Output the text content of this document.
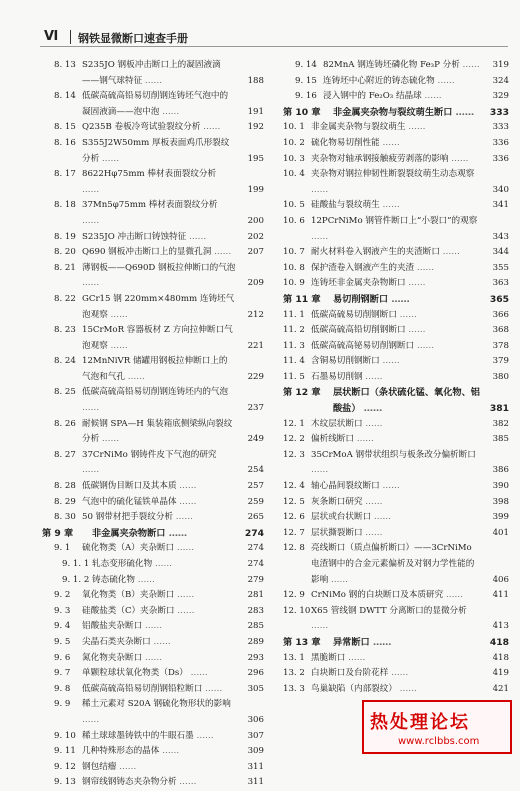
Ⅵ 钢铁显微断口速查手册
8. 13 S235JO 钢板冲击断口上的凝固液滴——钢气球特征 ……	188
8. 14 低碳高硫高铅易切削钢连铸坯气泡中的凝固液滴——泡中泡 ……	191
8. 15 Q235B 卷板冷弯试验裂纹分析 ……	192
8. 16 S355J2W50mm 厚板表面鸡爪形裂纹分析 ……	195
8. 17 8622Hφ75mm 棒材表面裂纹分析 ……	199
8. 18 37Mn5φ75mm 棒材表面裂纹分析 ……	200
8. 19 S235JO 冲击断口铸蚀特征 ……	202
8. 20 Q690 钢板冲击断口上的显微孔洞 …… 207
8. 21 薄钢板——Q690D 钢板拉伸断口的气泡 ……	209
8. 22 GCr15 钢 220mm×480mm 连铸坯气泡观察 ……	212
8. 23 15CrMoR 容器板材 Z 方向拉伸断口气泡观察 ……	221
8. 24 12MnNiVR 储罐用钢板拉伸断口上的气泡和气孔 ……	229
8. 25 低碳高硫高铅易切削钢连铸坯内的气泡 ……	237
8. 26 耐候钢 SPA—H 集装箱底侧梁纵向裂纹分析 ……	249
8. 27 37CrNiMo 钢铸件皮下气泡的研究 ……	254
8. 28 低碳钢伪目断口及其本质 ……	257
8. 29 气泡中的硫化锰铁单晶体 ……	259
8. 30 50 钢带材把手裂纹分析 ……	265
第 9 章	非金属夹杂物断口 ……	274
9. 1	硫化物类（A）夹杂断口 ……	274
9. 1. 1 轧态变形硫化物 ……	274
9. 1. 2 铸态硫化物 ……	279
9. 2	氧化物类（B）夹杂断口 ……	281
9. 3	硅酸盐类（C）夹杂断口 ……	283
9. 4	铝酸盐夹杂断口 ……	285
9. 5	尖晶石类夹杂断口 ……	289
9. 6	氮化物夹杂断口 ……	293
9. 7	单颗粒球状氧化物类（Ds） ……	296
9. 8	低碳高硫高铅易切削钢铅粒断口 ……	305
9. 9	稀土元素对 S20A 钢硫化物形状的影响 ……	306
9. 10 稀土球球墨铸铁中的牛眼石墨 ……	307
9. 11 几种特殊形态的晶体 ……	309
9. 12 钢包结瘤 ……	311
9. 13 钢帘线钢铸态夹杂物分析 ……	311
9. 14 82MnA 钢连铸坯磷化物 Fe₃P 分析 …… 319
9. 15 连铸坯中心附近的铸态硫化物 ……	324
9. 16 浸入钢中的 Fe₂O₃ 结晶球 ……	329
第 10 章	非金属夹杂物与裂纹萌生断口 …… 333
10. 1 非金属夹杂物与裂纹萌生 ……	333
10. 2 硫化物易切削性能 ……	336
10. 3 夹杂物对轴承钢接触疲劳剥落的影响 ……	336
10. 4 夹杂物对钢拉伸韧性断裂裂纹萌生动态观察 ……	340
10. 5 硅酸盐与裂纹萌生 ……	341
10. 6 12PCrNiMo 钢管件断口上“小裂口”的观察 ……	343
10. 7 耐火材料卷入钢液产生的夹渣断口 ……	344
10. 8 保护渣卷入钢液产生的夹渣 ……	355
10. 9 连铸坯非金属夹杂物断口 ……	363
第 11 章	易切削钢断口 ……	365
11. 1 低碳高硫易切削钢断口 ……	366
11. 2 低碳高硫高铅切削钢断口 ……	368
11. 3 低碳高硫高铋易切削钢断口 ……	378
11. 4 含铜易切削钢断口 ……	379
11. 5 石墨易切削钢 ……	380
第 12 章	层状断口（条状硫化锰、氧化物、铝酸盐） ……	381
12. 1 木纹层状断口 ……	382
12. 2 偏析线断口 ……	385
12. 3 35CrMoA 钢带状组织与板条改分偏析断口 ……	386
12. 4 轴心晶间裂纹断口 ……	390
12. 5 灰条断口研究 ……	398
12. 6 层状或台状断口 ……	399
12. 7 层状撕裂断口 ……	401
12. 8 亮线断口（质点偏析断口）——3CrNiMo 电渣钢中的合金元素偏析及对钢力学性能的影响 ……	406
12. 9 CrNiMo 钢的白块断口及本质研究 ……	411
12. 10 X65 管线钢 DWTT 分离断口的显微分析 ……	413
第 13 章	异常断口 ……	418
13. 1 黑脆断口 ……	418
13. 2 白块断口及台阶花样 ……	419
13. 3 鸟巢缺陷（内部裂纹） ……	421
热处理论坛
www.rclbbs.com
